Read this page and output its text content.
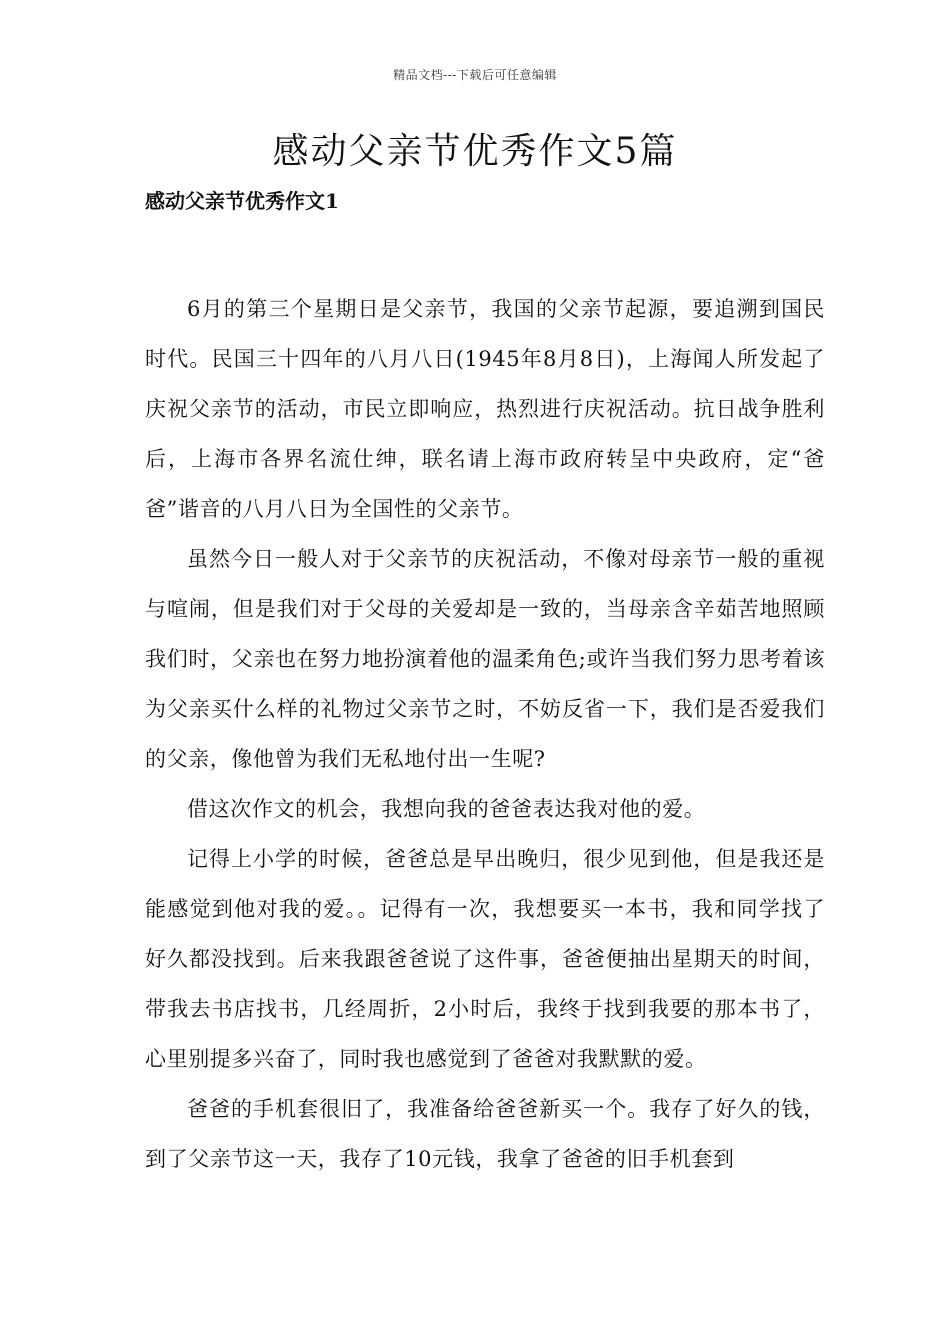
精品文档---下载后可任意编辑
感动父亲节优秀作文5篇
感动父亲节优秀作文1

6月的第三个星期日是父亲节，我国的父亲节起源，要追溯到国民时代。民国三十四年的八月八日(1945年8月8日)，上海闻人所发起了庆祝父亲节的活动，市民立即响应，热烈进行庆祝活动。抗日战争胜利后，上海市各界名流仕绅，联名请上海市政府转呈中央政府，定“爸爸”谐音的八月八日为全国性的父亲节。

虽然今日一般人对于父亲节的庆祝活动，不像对母亲节一般的重视与喧闹，但是我们对于父母的关爱却是一致的，当母亲含辛茹苦地照顾我们时，父亲也在努力地扮演着他的温柔角色;或许当我们努力思考着该为父亲买什么样的礼物过父亲节之时，不妨反省一下，我们是否爱我们的父亲，像他曾为我们无私地付出一生呢?

借这次作文的机会，我想向我的爸爸表达我对他的爱。

记得上小学的时候，爸爸总是早出晚归，很少见到他，但是我还是能感觉到他对我的爱。。记得有一次，我想要买一本书，我和同学找了好久都没找到。后来我跟爸爸说了这件事，爸爸便抽出星期天的时间，带我去书店找书，几经周折，2小时后，我终于找到我要的那本书了，心里别提多兴奋了，同时我也感觉到了爸爸对我默默的爱。

爸爸的手机套很旧了，我准备给爸爸新买一个。我存了好久的钱，到了父亲节这一天，我存了10元钱，我拿了爸爸的旧手机套到
